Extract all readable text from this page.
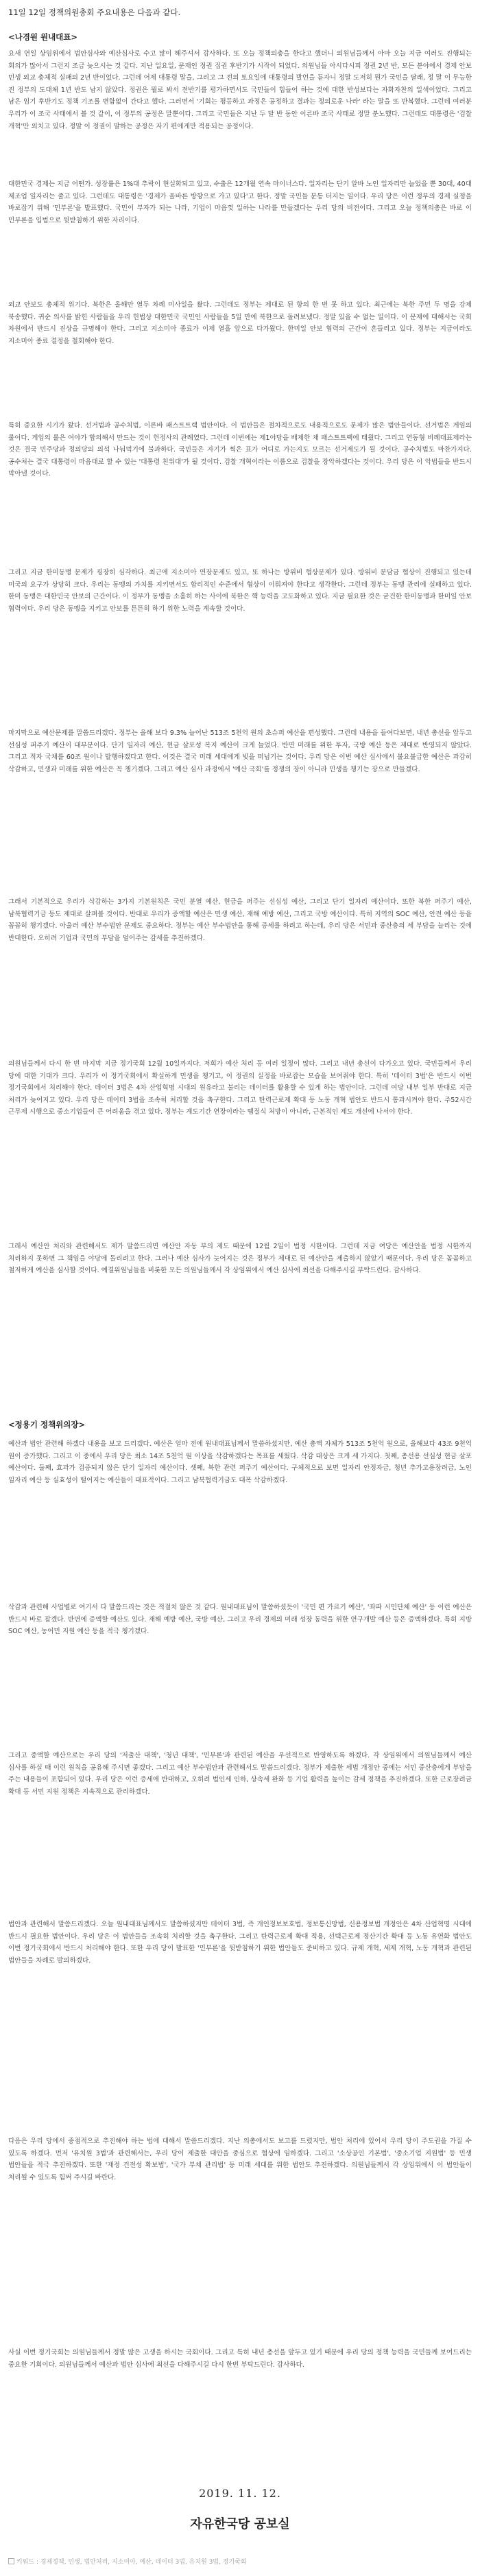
11일 12일 정책의원총회 주요내용은 다음과 같다.
<나경원 원내대표>
요새 연일 상임위에서 법안심사와 예산심사로 수고 많이 해주셔서 감사하다. 또 오늘 정책의총을 한다고 했더니 의원님들께서 아마 오늘 지금 여러도 진행되는 회의가 많아서 그런지 조금 늦으시는 것 같다. 지난 일요일, 문재인 정권 집권 후반기가 시작이 되었다. 의원님들 아시다시피 정권 2년 반, 모든 분야에서 경제 안보 민생 외교 총체적 실패의 2년 반이었다. 그런데 어제 대통령 말을, 그리고 그 전의 토요일에 대통령의 발언을 듣자니 정말 도저히 뭔가 국민을 달래, 정 말 이 무능한 진 정부의 도대체 1년 반도 남지 않았다. 정권은 뭘로 봐서 전반기를 평가하면서도 국민들이 힘들어 하는 것에 대한 반성보다는 자화자찬의 일색이었다. 그리고 남은 임기 후반기도 정책 기조를 변함없이 간다고 했다. 그러면서 '기회는 평등하고 과정은 공정하고 결과는 정의로운 나라' 라는 말을 또 반복했다. 그런데 여러분 우리가 이 조국 사태에서 볼 것 같이, 이 정부의 공정은 말뿐이다. 그리고 국민들은 지난 두 달 반 동안 이른바 조국 사태로 정말 분노했다. 그런데도 대통령은 '검찰 개혁'만 외치고 있다. 정말 이 정권이 말하는 공정은 자기 편에게만 적용되는 공정이다.
대한민국 경제는 지금 어떤가. 성장률은 1%대 추락이 현실화되고 있고, 수출은 12개월 연속 마이너스다. 일자리는 단기 알바 노인 일자리만 늘었을 뿐 30대, 40대 제조업 일자리는 줄고 있다. 그런데도 대통령은 '경제가 올바른 방향으로 가고 있다'고 한다. 정말 국민들 분통 터지는 일이다. 우리 당은 이런 정부의 경제 실정을 바로잡기 위해 '민부론'을 발표했다. 국민이 부자가 되는 나라, 기업이 마음껏 일하는 나라를 만들겠다는 우리 당의 비전이다. 그리고 오늘 정책의총은 바로 이 민부론을 입법으로 뒷받침하기 위한 자리이다.
외교 안보도 총체적 위기다. 북한은 올해만 열두 차례 미사일을 쐈다. 그런데도 정부는 제대로 된 항의 한 번 못 하고 있다. 최근에는 북한 주민 두 명을 강제 북송했다. 귀순 의사를 밝힌 사람들을 우리 헌법상 대한민국 국민인 사람들을 5일 만에 북한으로 돌려보냈다. 정말 있을 수 없는 일이다. 이 문제에 대해서는 국회 차원에서 반드시 진상을 규명해야 한다. 그리고 지소미아 종료가 이제 열흘 앞으로 다가왔다. 한미일 안보 협력의 근간이 흔들리고 있다. 정부는 지금이라도 지소미아 종료 결정을 철회해야 한다.
특히 중요한 시기가 왔다. 선거법과 공수처법, 이른바 패스트트랙 법안이다. 이 법안들은 절차적으로도 내용적으로도 문제가 많은 법안들이다. 선거법은 게임의 룰이다. 게임의 룰은 여야가 합의해서 만드는 것이 헌정사의 관례였다. 그런데 이번에는 제1야당을 배제한 채 패스트트랙에 태웠다. 그리고 연동형 비례대표제라는 것은 결국 민주당과 정의당의 의석 나눠먹기에 불과하다. 국민들은 자기가 찍은 표가 어디로 가는지도 모르는 선거제도가 될 것이다. 공수처법도 마찬가지다. 공수처는 결국 대통령이 마음대로 할 수 있는 '대통령 친위대'가 될 것이다. 검찰 개혁이라는 이름으로 검찰을 장악하겠다는 것이다. 우리 당은 이 악법들을 반드시 막아낼 것이다.
그리고 지금 한미동맹 문제가 굉장히 심각하다. 최근에 지소미아 연장문제도 있고, 또 하나는 방위비 협상문제가 있다. 방위비 분담금 협상이 진행되고 있는데 미국의 요구가 상당히 크다. 우리는 동맹의 가치를 지키면서도 합리적인 수준에서 협상이 이뤄져야 한다고 생각한다. 그런데 정부는 동맹 관리에 실패하고 있다. 한미 동맹은 대한민국 안보의 근간이다. 이 정부가 동맹을 소홀히 하는 사이에 북한은 핵 능력을 고도화하고 있다. 지금 필요한 것은 굳건한 한미동맹과 한미일 안보 협력이다. 우리 당은 동맹을 지키고 안보를 튼튼히 하기 위한 노력을 계속할 것이다.
마지막으로 예산문제를 말씀드리겠다. 정부는 올해 보다 9.3% 늘어난 513조 5천억 원의 초슈퍼 예산을 편성했다. 그런데 내용을 들여다보면, 내년 총선을 앞두고 선심성 퍼주기 예산이 대부분이다. 단기 일자리 예산, 현금 살포성 복지 예산이 크게 늘었다. 반면 미래를 위한 투자, 국방 예산 등은 제대로 반영되지 않았다. 그리고 적자 국채를 60조 원이나 발행하겠다고 한다. 이것은 결국 미래 세대에게 빚을 떠넘기는 것이다. 우리 당은 이번 예산 심사에서 불요불급한 예산은 과감히 삭감하고, 민생과 미래를 위한 예산은 꼭 챙기겠다. 그리고 예산 심사 과정에서 '예산 국회'를 정쟁의 장이 아니라 민생을 챙기는 장으로 만들겠다.
그래서 기본적으로 우리가 삭감하는 3가지 기본원칙은 국민 분열 예산, 현금을 퍼주는 선심성 예산, 그리고 단기 일자리 예산이다. 또한 북한 퍼주기 예산, 남북협력기금 등도 제대로 살펴볼 것이다. 반대로 우리가 증액할 예산은 민생 예산, 재해 예방 예산, 그리고 국방 예산이다. 특히 지역의 SOC 예산, 안전 예산 등을 꼼꼼히 챙기겠다. 아울러 예산 부수법안 문제도 중요하다. 정부는 예산 부수법안을 통해 증세를 하려고 하는데, 우리 당은 서민과 중산층의 세 부담을 늘리는 것에 반대한다. 오히려 기업과 국민의 부담을 덜어주는 감세를 추진하겠다.
의원님들께서 다시 한 번 마지막 지금 정기국회 12월 10일까지다. 저희가 예산 처리 등 여러 일정이 많다. 그리고 내년 총선이 다가오고 있다. 국민들께서 우리 당에 대한 기대가 크다. 우리가 이 정기국회에서 확실하게 민생을 챙기고, 이 정권의 실정을 바로잡는 모습을 보여줘야 한다. 특히 '데이터 3법'은 반드시 이번 정기국회에서 처리해야 한다. 데이터 3법은 4차 산업혁명 시대의 원유라고 불리는 데이터를 활용할 수 있게 하는 법안이다. 그런데 여당 내부 일부 반대로 지금 처리가 늦어지고 있다. 우리 당은 데이터 3법을 조속히 처리할 것을 촉구한다. 그리고 탄력근로제 확대 등 노동 개혁 법안도 반드시 통과시켜야 한다. 주52시간 근무제 시행으로 중소기업들이 큰 어려움을 겪고 있다. 정부는 계도기간 연장이라는 땜질식 처방이 아니라, 근본적인 제도 개선에 나서야 한다.
그래서 예산안 처리와 관련해서도 제가 말씀드리면 예산안 자동 부의 제도 때문에 12월 2일이 법정 시한이다. 그런데 지금 여당은 예산안을 법정 시한까지 처리하지 못하면 그 책임을 야당에 돌리려고 한다. 그러나 예산 심사가 늦어지는 것은 정부가 제대로 된 예산안을 제출하지 않았기 때문이다. 우리 당은 꼼꼼하고 철저하게 예산을 심사할 것이다. 예결위원님들을 비롯한 모든 의원님들께서 각 상임위에서 예산 심사에 최선을 다해주시길 부탁드린다. 감사하다.
<정용기 정책위의장>
예산과 법안 관련해 하겠다 내용을 보고 드리겠다. 예산은 얼마 전에 원내대표님께서 말씀하셨지만, 예산 총액 자체가 513조 5천억 원으로, 올해보다 43조 9천억 원이 증가했다. 그리고 이 중에서 우리 당은 최소 14조 5천억 원 이상을 삭감하겠다는 목표를 세웠다. 삭감 대상은 크게 세 가지다. 첫째, 총선용 선심성 현금 살포 예산이다. 둘째, 효과가 검증되지 않은 단기 일자리 예산이다. 셋째, 북한 관련 퍼주기 예산이다. 구체적으로 보면 일자리 안정자금, 청년 추가고용장려금, 노인 일자리 예산 등 실효성이 떨어지는 예산들이 대표적이다. 그리고 남북협력기금도 대폭 삭감하겠다.
삭감과 관련해 사업별로 여기서 다 말씀드리는 것은 적절치 않은 것 같다. 원내대표님이 말씀하셨듯이 '국민 편 가르기 예산', '좌파 시민단체 예산' 등 이런 예산은 반드시 바로 잡겠다. 반면에 증액할 예산도 있다. 재해 예방 예산, 국방 예산, 그리고 우리 경제의 미래 성장 동력을 위한 연구개발 예산 등은 증액하겠다. 특히 지방 SOC 예산, 농어민 지원 예산 등을 적극 챙기겠다.
그리고 중액할 예산으로는 우리 당의 '저출산 대책', '청년 대책', '민부론'과 관련된 예산을 우선적으로 반영하도록 하겠다. 각 상임위에서 의원님들께서 예산 심사를 하실 때 이런 원칙을 공유해 주시면 좋겠다. 그리고 예산 부수법안과 관련해서도 말씀드리겠다. 정부가 제출한 세법 개정안 중에는 서민 중산층에게 부담을 주는 내용들이 포함되어 있다. 우리 당은 이런 증세에 반대하고, 오히려 법인세 인하, 상속세 완화 등 기업 활력을 높이는 감세 정책을 추진하겠다. 또한 근로장려금 확대 등 서민 지원 정책은 지속적으로 관리하겠다.
법안과 관련해서 말씀드리겠다. 오늘 원내대표님께서도 말씀하셨지만 데이터 3법, 즉 개인정보보호법, 정보통신망법, 신용정보법 개정안은 4차 산업혁명 시대에 반드시 필요한 법안이다. 우리 당은 이 법안들을 조속히 처리할 것을 촉구한다. 그리고 탄력근로제 확대 적용, 선택근로제 정산기간 확대 등 노동 유연화 법안도 이번 정기국회에서 반드시 처리해야 한다. 또한 우리 당이 발표한 '민부론'을 뒷받침하기 위한 법안들도 준비하고 있다. 규제 개혁, 세제 개혁, 노동 개혁과 관련된 법안들을 차례로 발의하겠다.
다음은 우리 당에서 중점적으로 추진해야 하는 법에 대해서 말씀드리겠다. 지난 의총에서도 보고를 드렸지만, 법안 처리에 있어서 우리 당이 주도권을 가질 수 있도록 하겠다. 먼저 '유치원 3법'과 관련해서는, 우리 당이 제출한 대안을 중심으로 협상에 임하겠다. 그리고 '소상공인 기본법', '중소기업 지원법' 등 민생 법안들을 적극 추진하겠다. 또한 '재정 건전성 확보법', '국가 부채 관리법' 등 미래 세대를 위한 법안도 추진하겠다. 의원님들께서 각 상임위에서 이 법안들이 처리될 수 있도록 힘써 주시길 바란다.
사실 이번 정기국회는 의원님들께서 정말 많은 고생을 하시는 국회이다. 그리고 특히 내년 총선을 앞두고 있기 때문에 우리 당의 정책 능력을 국민들께 보여드리는 중요한 기회이다. 의원님들께서 예산과 법안 심사에 최선을 다해주시길 다시 한번 부탁드린다. 감사하다.
2019. 11. 12.
자유한국당 공보실
키워드 : 경제정책, 민생, 법안처리, 지소미아, 예산, 데이터 3법, 유치원 3법, 정기국회
